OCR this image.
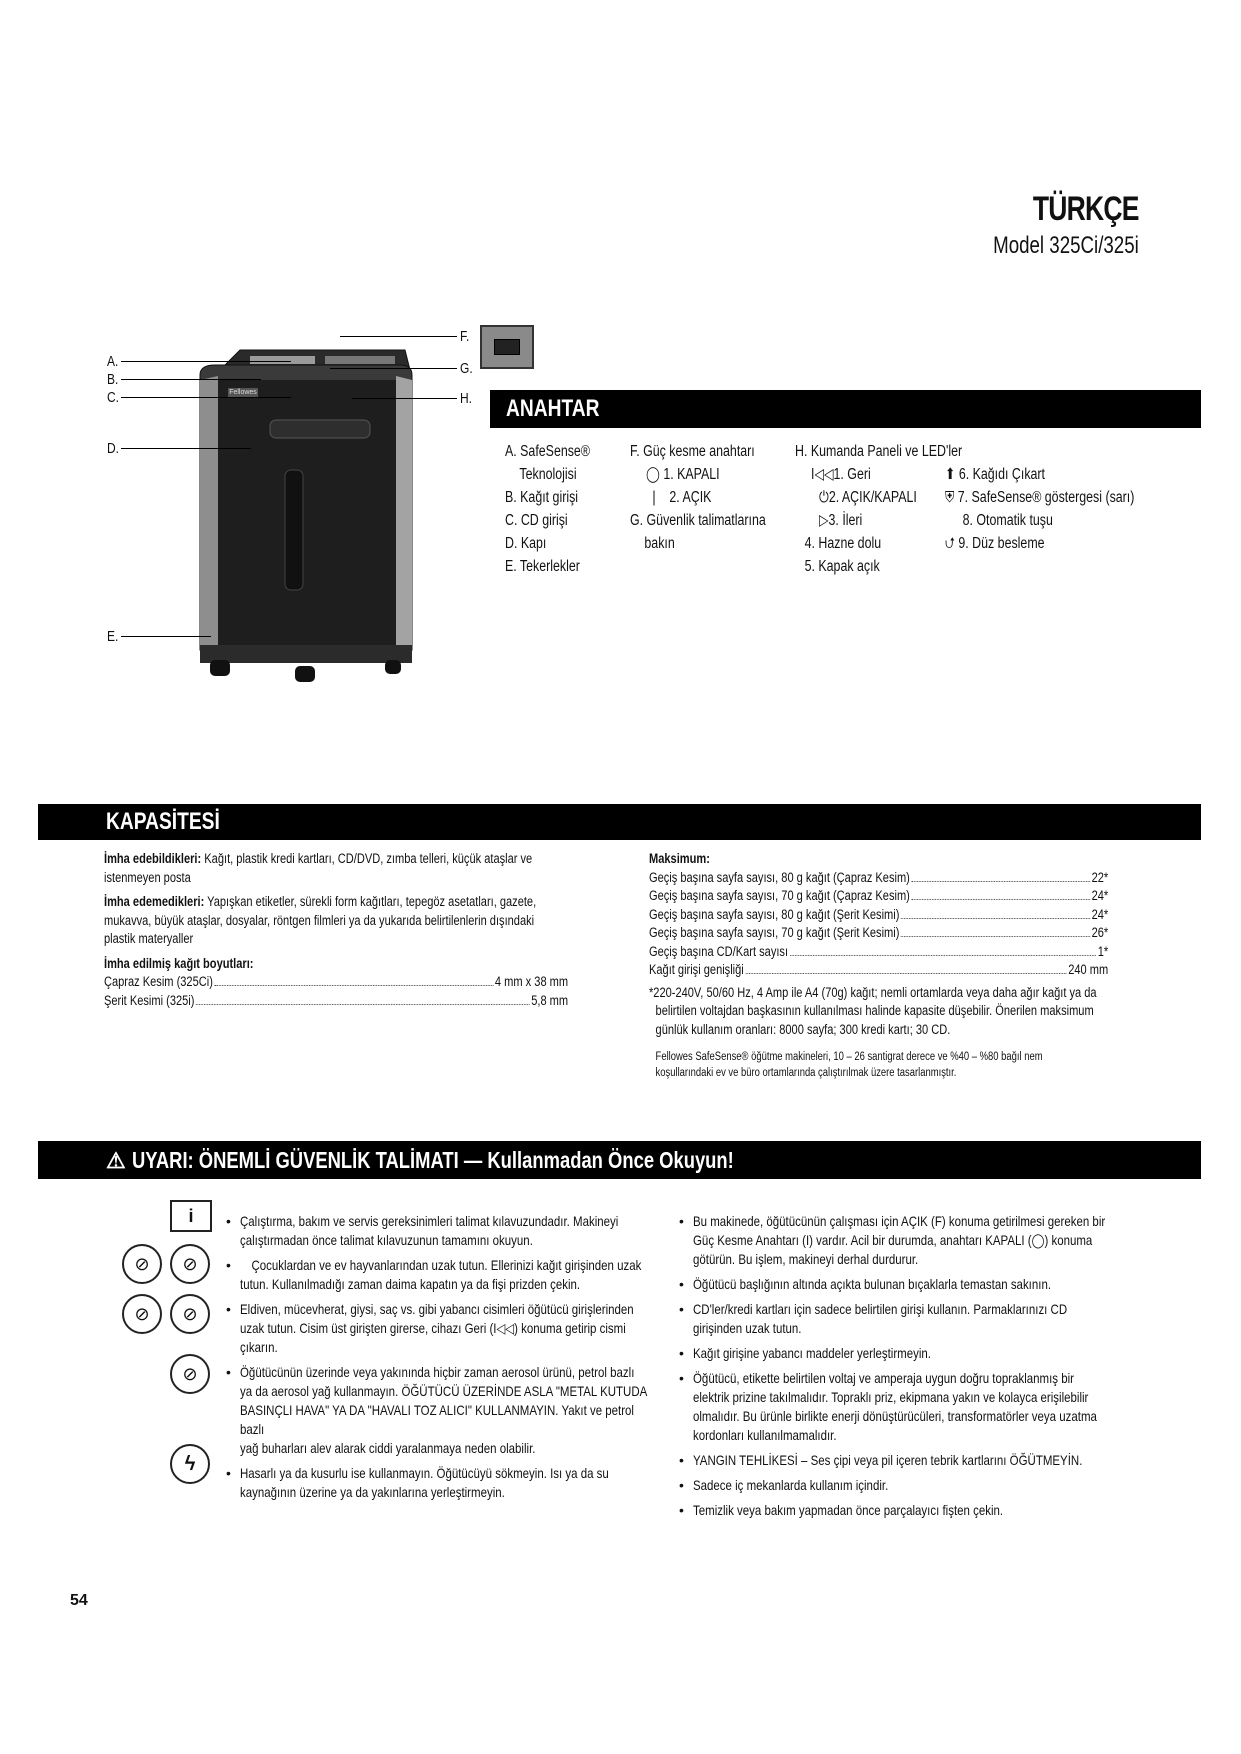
TÜRKÇE
Model 325Ci/325i
Fellowes
A.
B.
C.
D.
E.
F.
G.
H.	ANAHTAR
A. SafeSense®
Teknolojisi
B. Kağıt girişi
C. CD girişi
D. Kapı
E. Tekerlekler
F. Güç kesme anahtarı
◯ 1. KAPALI
|    2. AÇIK
G. Güvenlik talimatlarına
bakın
H. Kumanda Paneli ve LED'ler
I◁◁1. Geri
⏻2. AÇIK/KAPALI
▷3. İleri
4. Hazne dolu
5. Kapak açık
⬆ 6. Kağıdı Çıkart
⛨ 7. SafeSense® göstergesi (sarı)
8. Otomatik tuşu
⮍ 9. Düz besleme
KAPASİTESİ
İmha edebildikleri: Kağıt, plastik kredi kartları, CD/DVD, zımba telleri, küçük ataşlar ve
istenmeyen posta
İmha edemedikleri: Yapışkan etiketler, sürekli form kağıtları, tepegöz asetatları, gazete,
mukavva, büyük ataşlar, dosyalar, röntgen filmleri ya da yukarıda belirtilenlerin dışındaki
plastik materyaller
İmha edilmiş kağıt boyutları:
Çapraz Kesim (325Ci)	4 mm x 38 mm
Şerit Kesimi (325i)	5,8 mm
Maksimum:
Geçiş başına sayfa sayısı, 80 g kağıt (Çapraz Kesim)	22*
Geçiş başına sayfa sayısı, 70 g kağıt (Çapraz Kesim)	24*
Geçiş başına sayfa sayısı, 80 g kağıt (Şerit Kesimi)	24*
Geçiş başına sayfa sayısı, 70 g kağıt (Şerit Kesimi)	26*
Geçiş başına CD/Kart sayısı	1*
Kağıt girişi genişliği	240 mm
*220-240V, 50/60 Hz, 4 Amp ile A4 (70g) kağıt; nemli ortamlarda veya daha ağır kağıt ya da
belirtilen voltajdan başkasının kullanılması halinde kapasite düşebilir. Önerilen maksimum
günlük kullanım oranları: 8000 sayfa; 300 kredi kartı; 30 CD.
Fellowes SafeSense® öğütme makineleri, 10 – 26 santigrat derece ve %40 – %80 bağıl nem
koşullarındaki ev ve büro ortamlarında çalıştırılmak üzere tasarlanmıştır.
⚠ UYARI: ÖNEMLİ GÜVENLİK TALİMATI — Kullanmadan Önce Okuyun!
i
⊘	⊘
⊘	⊘
⊘
ϟ
• Çalıştırma, bakım ve servis gereksinimleri talimat kılavuzundadır. Makineyi
çalıştırmadan önce talimat kılavuzunun tamamını okuyun.
•	Çocuklardan ve ev hayvanlarından uzak tutun. Ellerinizi kağıt girişinden uzak
tutun. Kullanılmadığı zaman daima kapatın ya da fişi prizden çekin.
• Eldiven, mücevherat, giysi, saç vs. gibi yabancı cisimleri öğütücü girişlerinden
uzak tutun. Cisim üst girişten girerse, cihazı Geri (I◁◁) konuma getirip cismi
çıkarın.
• Öğütücünün üzerinde veya yakınında hiçbir zaman aerosol ürünü, petrol bazlı
ya da aerosol yağ kullanmayın. ÖĞÜTÜCÜ ÜZERİNDE ASLA "METAL KUTUDA
BASINÇLI HAVA" YA DA "HAVALI TOZ ALICI" KULLANMAYIN. Yakıt ve petrol bazlı
yağ buharları alev alarak ciddi yaralanmaya neden olabilir.
• Hasarlı ya da kusurlu ise kullanmayın. Öğütücüyü sökmeyin. Isı ya da su
kaynağının üzerine ya da yakınlarına yerleştirmeyin.
• Bu makinede, öğütücünün çalışması için AÇIK (F) konuma getirilmesi gereken bir
Güç Kesme Anahtarı (I) vardır. Acil bir durumda, anahtarı KAPALI (◯) konuma
götürün. Bu işlem, makineyi derhal durdurur.
• Öğütücü başlığının altında açıkta bulunan bıçaklarla temastan sakının.
• CD'ler/kredi kartları için sadece belirtilen girişi kullanın. Parmaklarınızı CD
girişinden uzak tutun.
• Kağıt girişine yabancı maddeler yerleştirmeyin.
• Öğütücü, etikette belirtilen voltaj ve amperaja uygun doğru topraklanmış bir
elektrik prizine takılmalıdır. Topraklı priz, ekipmana yakın ve kolayca erişilebilir
olmalıdır. Bu ürünle birlikte enerji dönüştürücüleri, transformatörler veya uzatma
kordonları kullanılmamalıdır.
• YANGIN TEHLİKESİ – Ses çipi veya pil içeren tebrik kartlarını ÖĞÜTMEYİN.
• Sadece iç mekanlarda kullanım içindir.
• Temizlik veya bakım yapmadan önce parçalayıcı fişten çekin.
54
